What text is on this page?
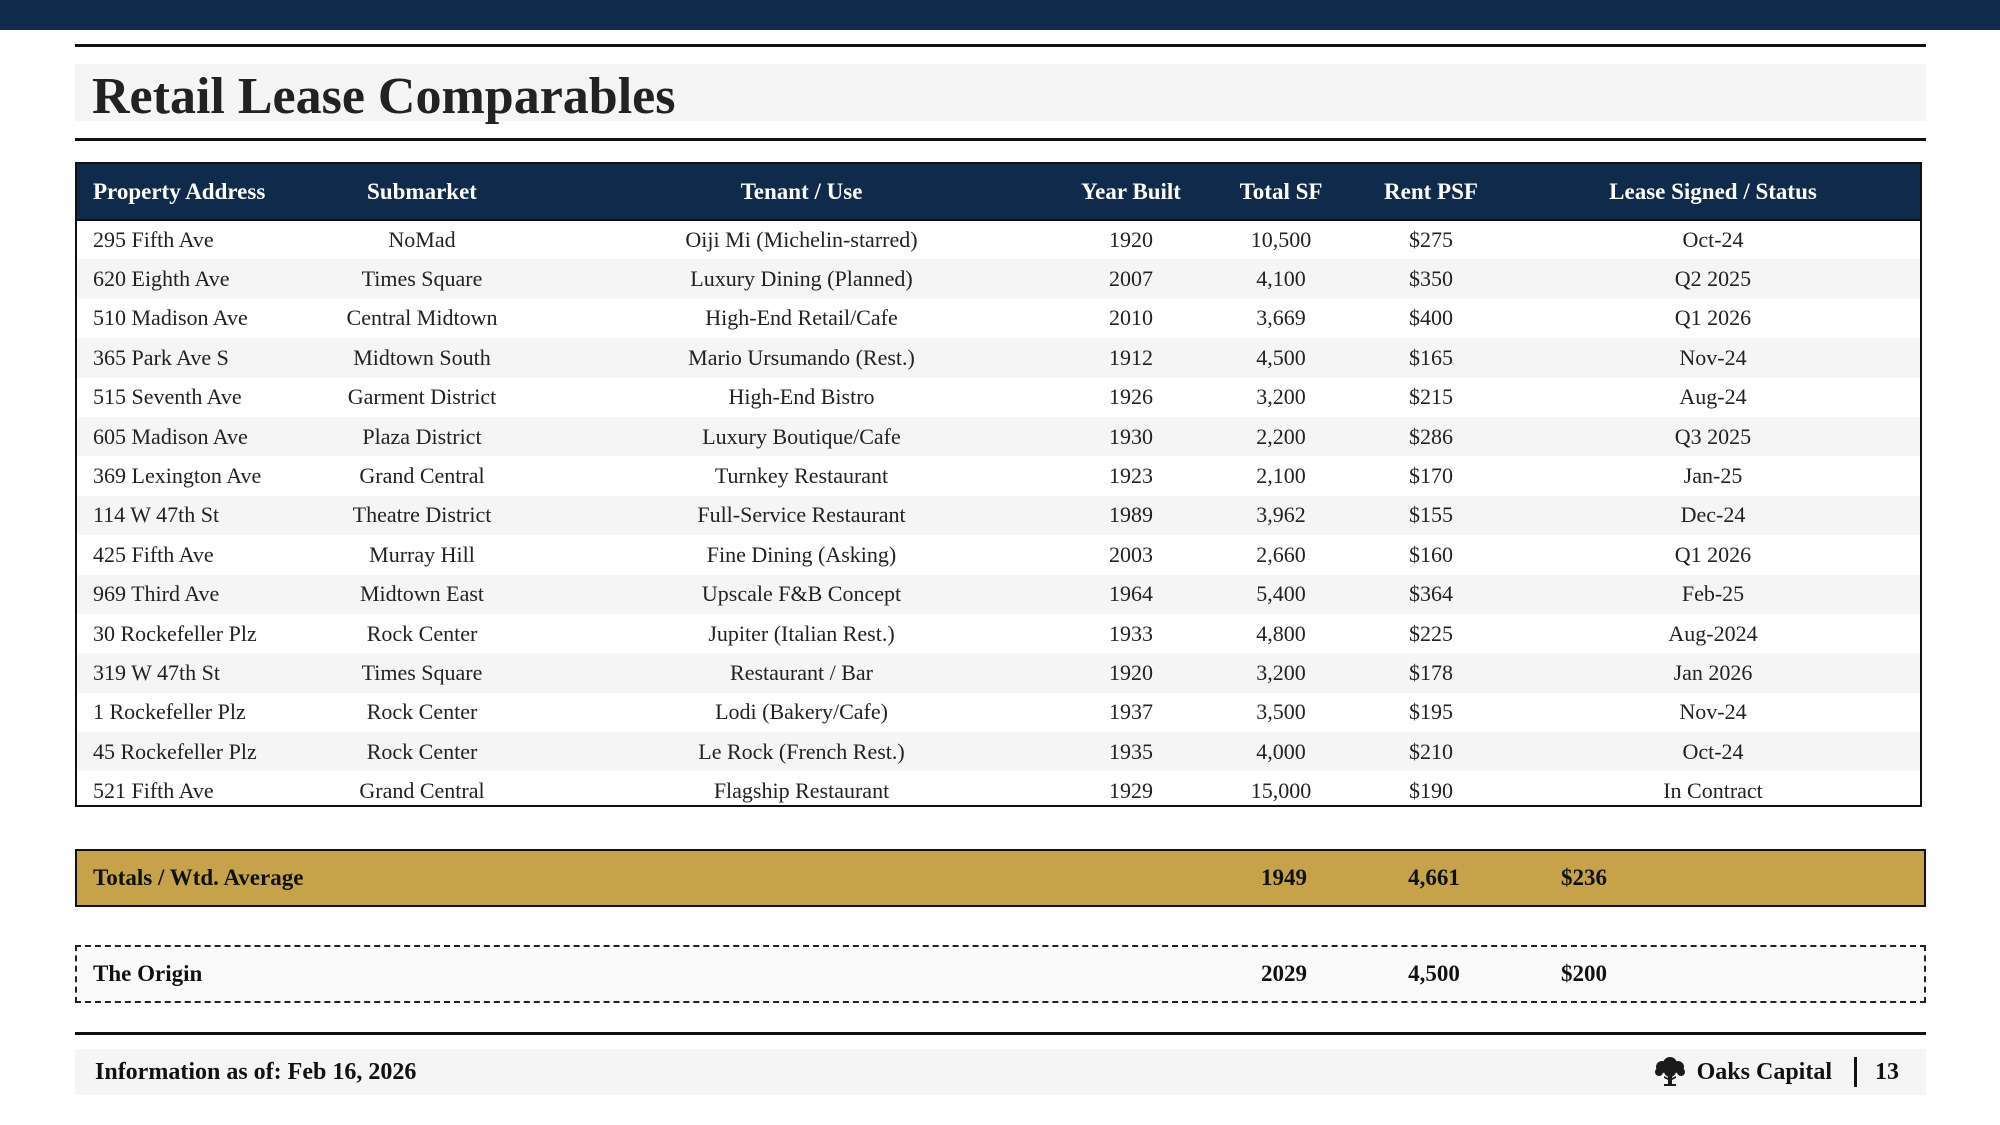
Retail Lease Comparables
Property Address	Submarket	Tenant / Use	Year Built	Total SF	Rent PSF	Lease Signed / Status
295 Fifth Ave	NoMad	Oiji Mi (Michelin-starred)	1920	10,500	$275	Oct-24
620 Eighth Ave	Times Square	Luxury Dining (Planned)	2007	4,100	$350	Q2 2025
510 Madison Ave	Central Midtown	High-End Retail/Cafe	2010	3,669	$400	Q1 2026
365 Park Ave S	Midtown South	Mario Ursumando (Rest.)	1912	4,500	$165	Nov-24
515 Seventh Ave	Garment District	High-End Bistro	1926	3,200	$215	Aug-24
605 Madison Ave	Plaza District	Luxury Boutique/Cafe	1930	2,200	$286	Q3 2025
369 Lexington Ave	Grand Central	Turnkey Restaurant	1923	2,100	$170	Jan-25
114 W 47th St	Theatre District	Full-Service Restaurant	1989	3,962	$155	Dec-24
425 Fifth Ave	Murray Hill	Fine Dining (Asking)	2003	2,660	$160	Q1 2026
969 Third Ave	Midtown East	Upscale F&B Concept	1964	5,400	$364	Feb-25
30 Rockefeller Plz	Rock Center	Jupiter (Italian Rest.)	1933	4,800	$225	Aug-2024
319 W 47th St	Times Square	Restaurant / Bar	1920	3,200	$178	Jan 2026
1 Rockefeller Plz	Rock Center	Lodi (Bakery/Cafe)	1937	3,500	$195	Nov-24
45 Rockefeller Plz	Rock Center	Le Rock (French Rest.)	1935	4,000	$210	Oct-24
521 Fifth Ave	Grand Central	Flagship Restaurant	1929	15,000	$190	In Contract
Totals / Wtd. Average	1949	4,661	$236
The Origin	2029	4,500	$200
Information as of: Feb 16, 2026	Oaks Capital 13
